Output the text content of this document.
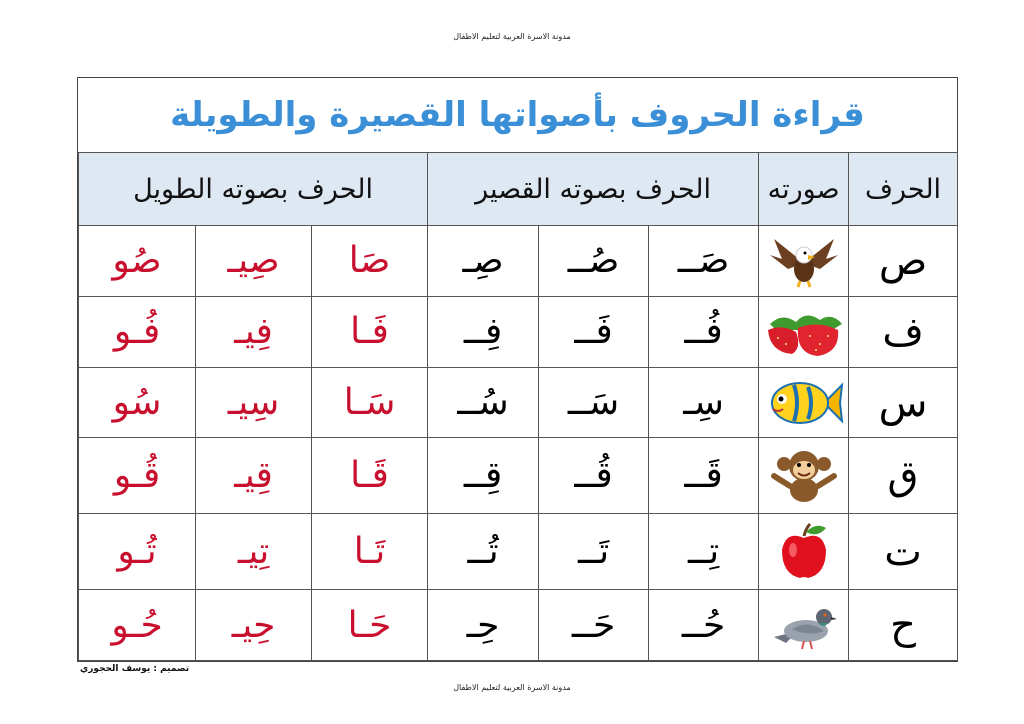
مدونة الاسرة العربية لتعليم الاطفال
قراءة الحروف بأصواتها القصيرة والطويلة
الحرف	صورته	الحرف بصوته القصير			الحرف بصوته الطويل		
ص		صَــ	صُــ	صِـ	صَا	صِيـ	صُو
ف		فُــ	فَــ	فِــ	فَـا	فِيـ	فُـو
س		سِـ	سَــ	سُــ	سَـا	سِيـ	سُو
ق		قَــ	قُــ	قِــ	قَـا	قِيـ	قُـو
ت		تِــ	تَــ	تُــ	تَـا	تِيـ	تُـو
ح		حُــ	حَــ	حِـ	حَـا	حِيـ	حُـو
تصميم : يوسف الحجوري
مدونة الاسرة العربية لتعليم الاطفال
